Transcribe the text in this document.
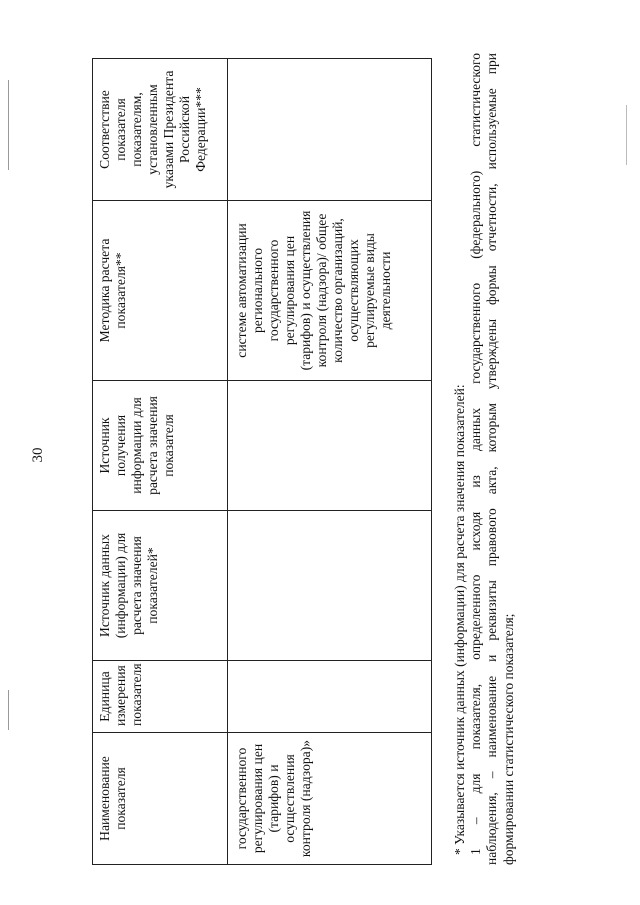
30
Наименование показателя	Единица измерения показателя	Источник данных (информации) для расчета значения показателей*	Источник получения информации для расчета значения показателя	Методика расчета показателя**	Соответствие показателя показателям, установленным указами Президента Российской Федерации***
государственного регулирования цен (тарифов) и осуществления контроля (надзора)»				системе автоматизации регионального государственного регулирования цен (тарифов) и осуществления контроля (надзора)/ общее количество организаций, осуществляющих регулируемые виды деятельности	

* Указывается источник данных (информации) для расчета значения показателей: 1 – для показателя, определенного исходя из данных государственного (федерального) статистического наблюдения, – наименование и реквизиты правового акта, которым утверждены формы отчетности, используемые при формировании статистического показателя;
